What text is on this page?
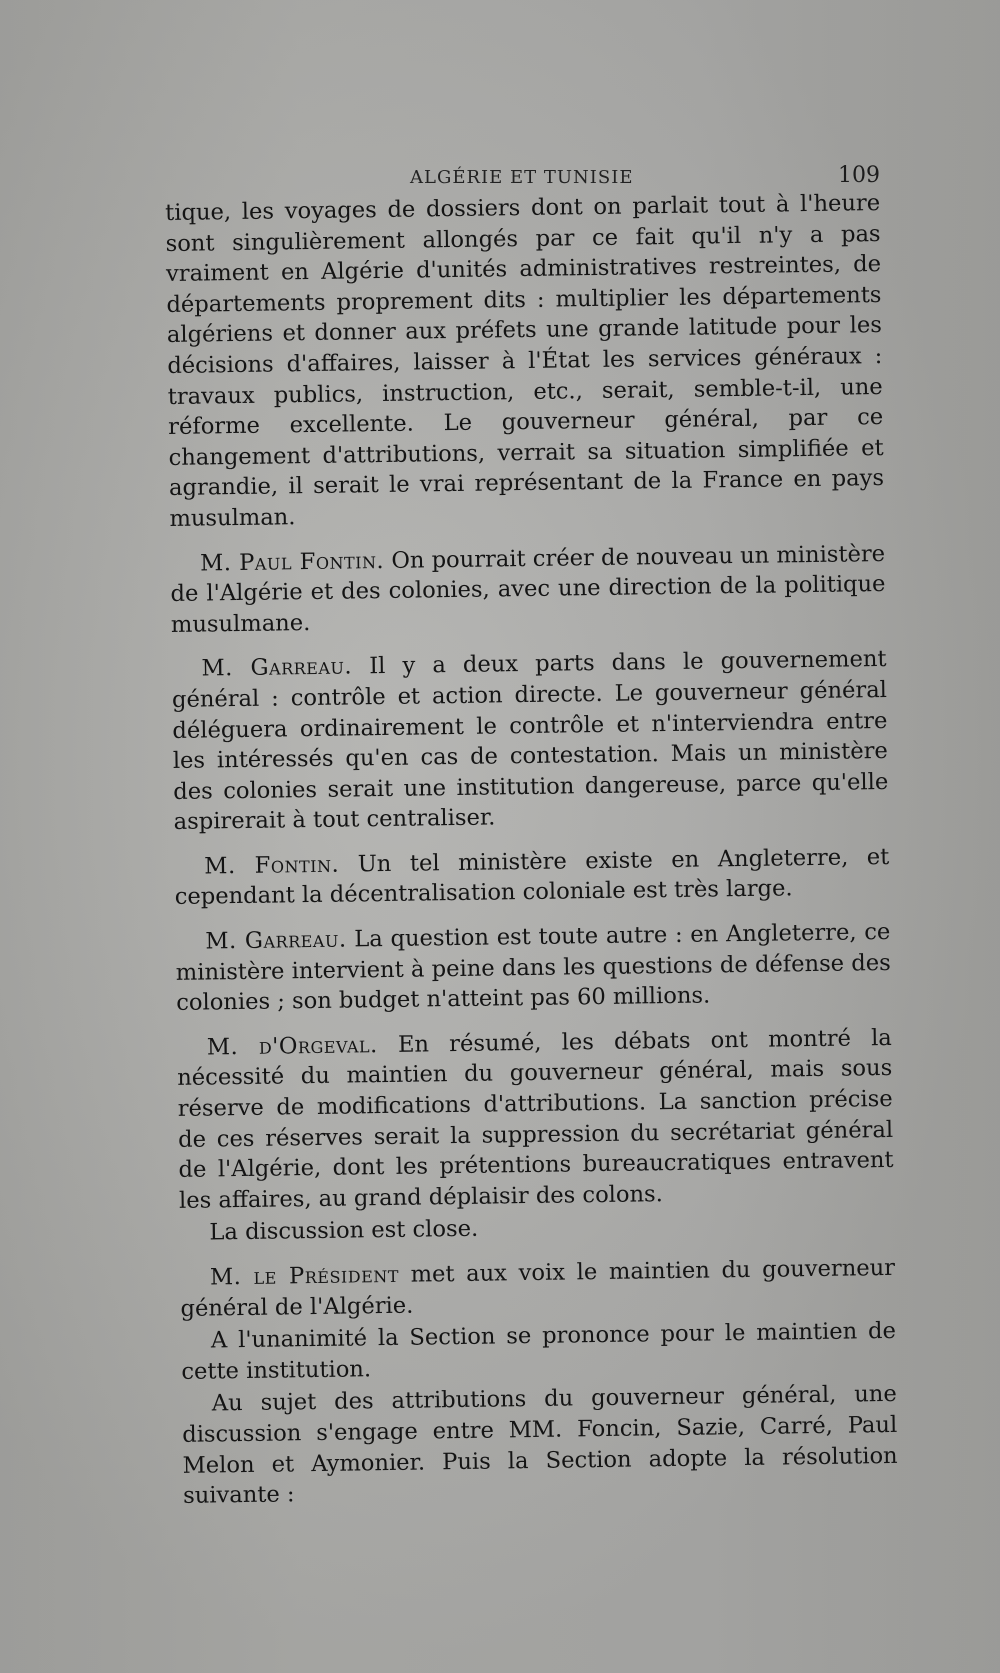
ALGÉRIE ET TUNISIE	109

tique, les voyages de dossiers dont on parlait tout à l'heure sont singulièrement allongés par ce fait qu'il n'y a pas vraiment en Algérie d'unités administratives restreintes, de départements proprement dits : multiplier les départements algériens et donner aux préfets une grande latitude pour les décisions d'affaires, laisser à l'État les services généraux : travaux publics, instruction, etc., serait, semble-t-il, une réforme excellente. Le gouverneur général, par ce changement d'attributions, verrait sa situation simplifiée et agrandie, il serait le vrai représentant de la France en pays musulman.

M. Paul Fontin. On pourrait créer de nouveau un ministère de l'Algérie et des colonies, avec une direction de la politique musulmane.

M. Garreau. Il y a deux parts dans le gouvernement général : contrôle et action directe. Le gouverneur général déléguera ordinairement le contrôle et n'interviendra entre les intéressés qu'en cas de contestation. Mais un ministère des colonies serait une institution dangereuse, parce qu'elle aspirerait à tout centraliser.

M. Fontin. Un tel ministère existe en Angleterre, et cependant la décentralisation coloniale est très large.

M. Garreau. La question est toute autre : en Angleterre, ce ministère intervient à peine dans les questions de défense des colonies ; son budget n'atteint pas 60 millions.

M. d'Orgeval. En résumé, les débats ont montré la nécessité du maintien du gouverneur général, mais sous réserve de modifications d'attributions. La sanction précise de ces réserves serait la suppression du secrétariat général de l'Algérie, dont les prétentions bureaucratiques entravent les affaires, au grand déplaisir des colons.

La discussion est close.

M. le Président met aux voix le maintien du gouverneur général de l'Algérie.

A l'unanimité la Section se prononce pour le maintien de cette institution.

Au sujet des attributions du gouverneur général, une discussion s'engage entre MM. Foncin, Sazie, Carré, Paul Melon et Aymonier. Puis la Section adopte la résolution suivante :
